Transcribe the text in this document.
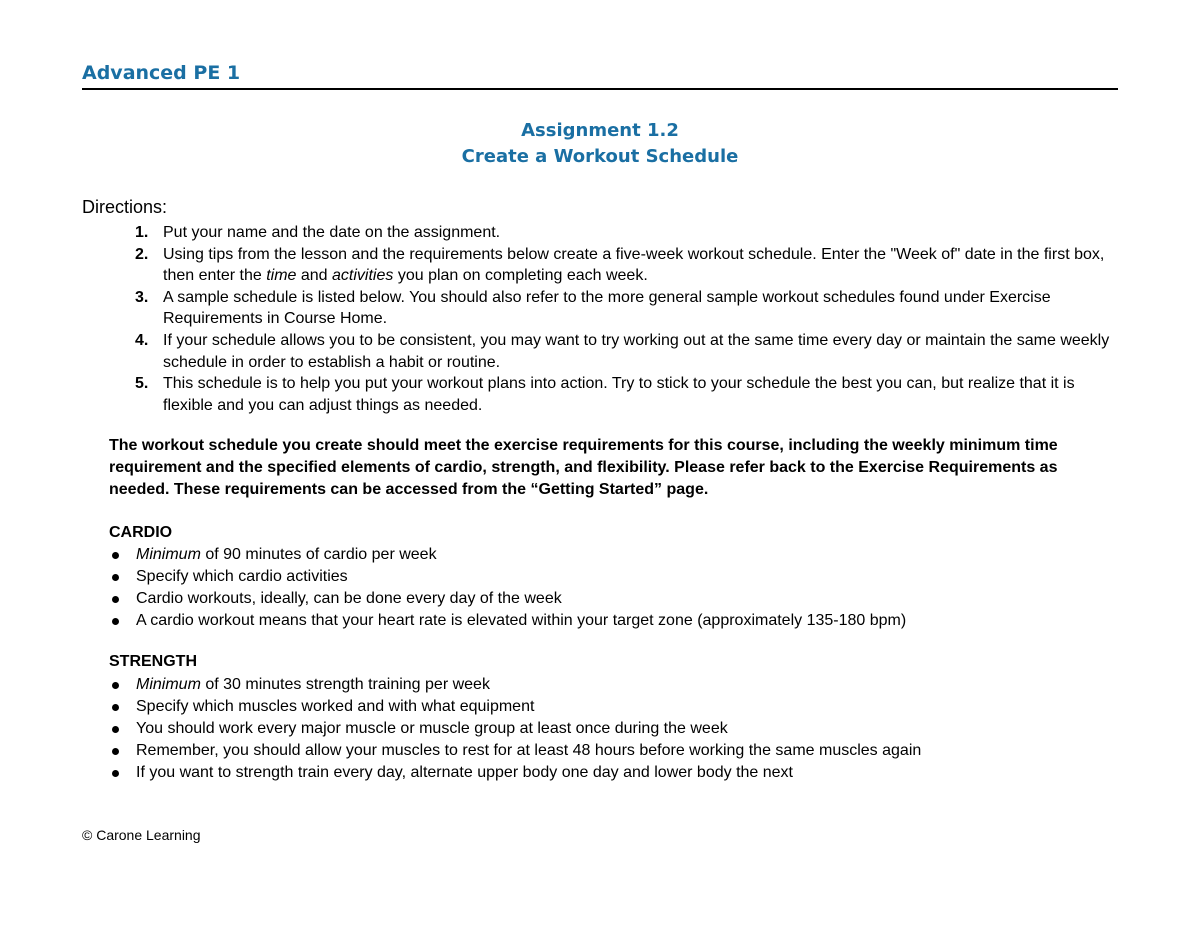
Advanced PE 1
Assignment 1.2
Create a Workout Schedule
Directions:
1. Put your name and the date on the assignment.
2. Using tips from the lesson and the requirements below create a five-week workout schedule. Enter the "Week of" date in the first box, then enter the time and activities you plan on completing each week.
3. A sample schedule is listed below. You should also refer to the more general sample workout schedules found under Exercise Requirements in Course Home.
4. If your schedule allows you to be consistent, you may want to try working out at the same time every day or maintain the same weekly schedule in order to establish a habit or routine.
5. This schedule is to help you put your workout plans into action. Try to stick to your schedule the best you can, but realize that it is flexible and you can adjust things as needed.
The workout schedule you create should meet the exercise requirements for this course, including the weekly minimum time requirement and the specified elements of cardio, strength, and flexibility. Please refer back to the Exercise Requirements as needed. These requirements can be accessed from the “Getting Started” page.
CARDIO
Minimum of 90 minutes of cardio per week
Specify which cardio activities
Cardio workouts, ideally, can be done every day of the week
A cardio workout means that your heart rate is elevated within your target zone (approximately 135-180 bpm)
STRENGTH
Minimum of 30 minutes strength training per week
Specify which muscles worked and with what equipment
You should work every major muscle or muscle group at least once during the week
Remember, you should allow your muscles to rest for at least 48 hours before working the same muscles again
If you want to strength train every day, alternate upper body one day and lower body the next
© Carone Learning
